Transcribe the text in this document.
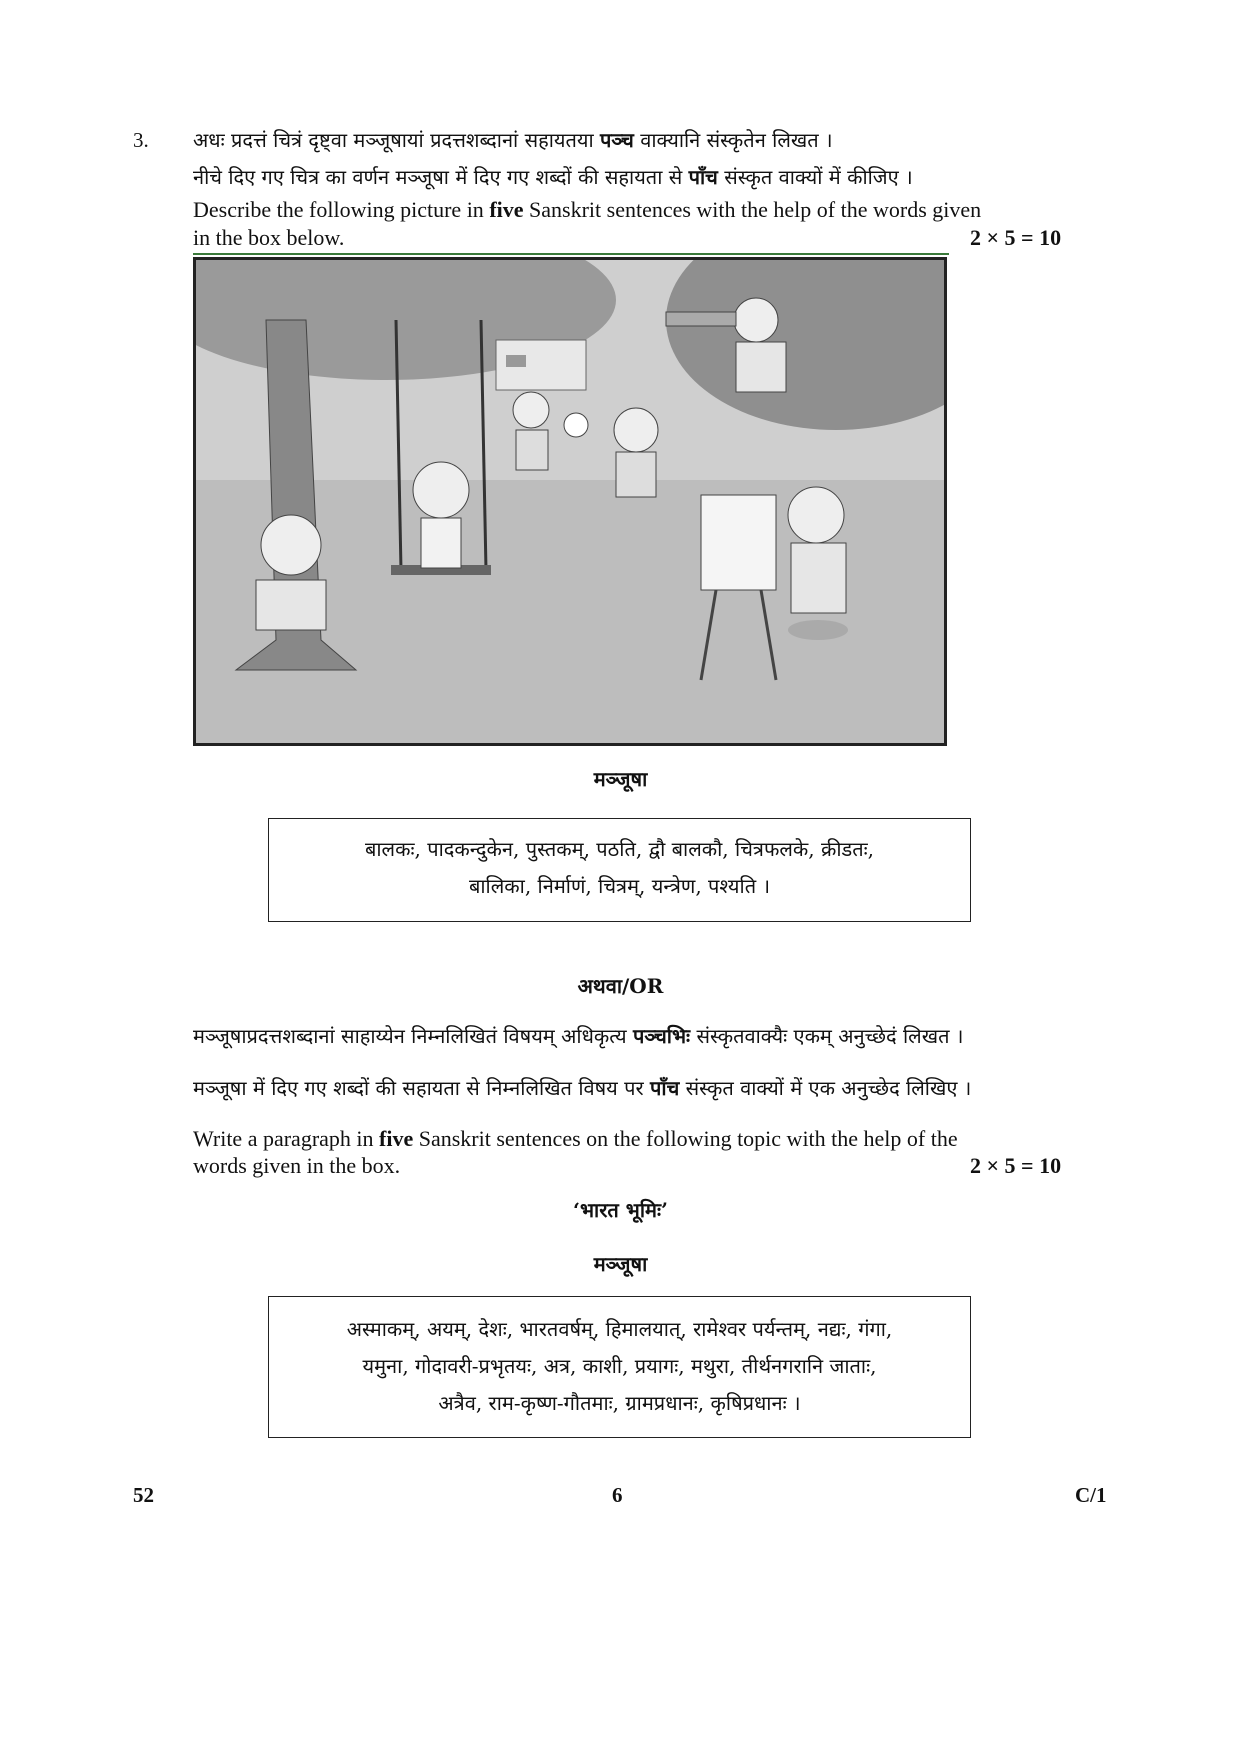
3. अधः प्रदत्तं चित्रं दृष्ट्वा मञ्जूषायां प्रदत्तशब्दानां सहायतया पञ्च वाक्यानि संस्कृतेन लिखत ।
नीचे दिए गए चित्र का वर्णन मञ्जूषा में दिए गए शब्दों की सहायता से पाँच संस्कृत वाक्यों में कीजिए ।
Describe the following picture in five Sanskrit sentences with the help of the words given
in the box below.	2 × 5 = 10
मञ्जूषा
बालकः, पादकन्दुकेन, पुस्तकम्, पठति, द्वौ बालकौ, चित्रफलके, क्रीडतः,
बालिका, निर्माणं, चित्रम्, यन्त्रेण, पश्यति ।
अथवा/OR
मञ्जूषाप्रदत्तशब्दानां साहाय्येन निम्नलिखितं विषयम् अधिकृत्य पञ्चभिः संस्कृतवाक्यैः एकम् अनुच्छेदं लिखत ।
मञ्जूषा में दिए गए शब्दों की सहायता से निम्नलिखित विषय पर पाँच संस्कृत वाक्यों में एक अनुच्छेद लिखिए ।
Write a paragraph in five Sanskrit sentences on the following topic with the help of the
words given in the box.	2 × 5 = 10
‘भारत भूमिः’
मञ्जूषा
अस्माकम्, अयम्, देशः, भारतवर्षम्, हिमालयात्, रामेश्वर पर्यन्तम्, नद्यः, गंगा,
यमुना, गोदावरी-प्रभृतयः, अत्र, काशी, प्रयागः, मथुरा, तीर्थनगरानि जाताः,
अत्रैव, राम-कृष्ण-गौतमाः, ग्रामप्रधानः, कृषिप्रधानः ।
52	6	C/1
